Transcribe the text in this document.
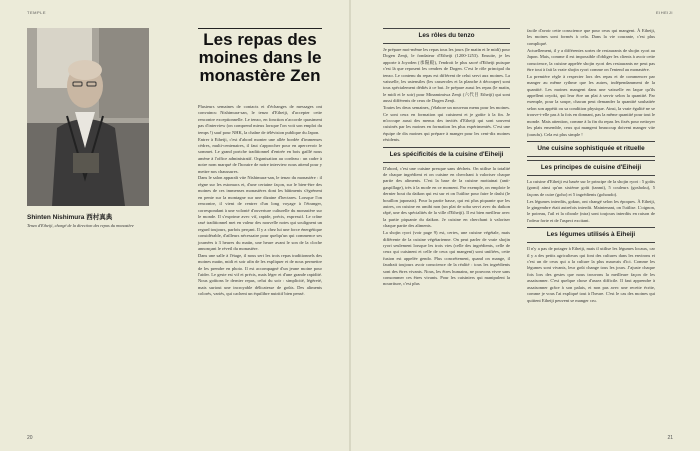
TEMPLE
Shinten Nishimura 西村真典
Tenzo d'Eiheiji, chargé de la direction des repas du monastère
Les repas des moines dans le monastère Zen

Plusieurs semaines de contacts et d'échanges de messages ont convaincu Nishimura-san, le tenzo d'Eiheiji, d'accepter cette rencontre exceptionnelle. Le tenzo, en fonction n'accorde quasiment pas d'interview (on comprend mieux lorsque l'on voit son emploi du temps !) sauf pour NHK, la chaîne de télévision publique du Japon.

Entrer à Eiheiji, c'est d'abord monter une allée bordée d'immenses cèdres, multi-centenaires, il faut s'approcher pour en apercevoir le sommet. Le grand portche traditionnel d'entrée en bois gaillé nous amène à l'office administratif. Organisation au cordeau : un cadre à notre nom marqué de l'horaire de notre interview nous attend pour y mettre nos chaussures.

Dans le salon apparaît vite Nishimura-san, le tenzo du monastère : il règne sur les estomacs et, d'une certaine façon, sur le bien-être des moines de ces immenses monastères dont les bâtiments s'égrènent en pente sur la montagne sur une dizaine d'hectares. Lorsque l'on rencontre, il vient de rentrer d'un long voyage à l'étranger, correspondant à une volonté d'ouverture culturelle du monastère sur le monde. Il s'exprime avec vif, rapide, précis, expressif. Le crâne rasé traditionnel met en valeur des nouvelle notes qui soulignent un regard toujours, parfois perçant. Il y a chez lui une force énergétique considérable, d'ailleurs nécessaire pour quelqu'un qui commence ses journées à 3 heures du matin, une heure avant le son de la cloche annonçant le réveil du monastère.

Dans une salle à l'étage, il nous sert les trois repas traditionnels des moines matin, midi et soir afin de les expliquer et de nous permettre de les prendre en photo. Il est accompagné d'un jeune moine pour l'aider. Le geste est vif et précis, mais léger et d'une grande rapidité. Nous goûtons le dernier repas, celui du soir : simplicité, légèreté, mais surtout une incroyable délicatesse de goûts. Des aliments colorés, variés, qui cachent un équilibre nutritif bien pensé.

20
EIHEIJI
Les rôles du tenzo

Je prépare moi-même les repas tous les jours (le matin et le midi) pour Dogen Zenji, le fondateur d'Eiheiji (1200-1253). Ensuite, je les apporte à Joyoden (承陽殿), l'endroit le plus sacré d'Eiheiji puisque c'est là que reposent les cendres de Dogen. C'est le rôle principal du tenzo. Le contenu du repas est différent de celui servi aux moines. La vaisselle, les ustensiles (les casseroles et la planche à découper) sont tous spécialement dédiés à ce but. Je prépare aussi les repas (le matin, le midi et le soir) pour Minamimiwa Zenji (六代目 Eiheiji) qui sont aussi différents de ceux de Dogen Zenji.

Toutes les deux semaines, j'élabore un nouveau menu pour les moines. Ce sont ceux en formation qui cuisinent et je goûte à la fin. Je m'occupe aussi des menus des invités d'Eiheiji qui sont souvent cuisinés par les moines en formation les plus expérimentés. C'est une équipe de dix moines qui prépare à manger pour les cent-dix moines résidents.

Les spécificités de la cuisine d'Eiheiji

D'abord, c'est une cuisine presque sans déchets. On utilise la totalité de chaque ingrédient et on cuisine en cherchant à valoriser chaque partie des aliments. C'est la base de la cuisine mottainai (anti-gaspillage), très à la mode en ce moment. Par exemple, on emploie le dernier bout du daikon qui est sur et on l'utilise pour faire le dashi (le bouillon japonais). Pour la partie basse, qui est plus piquante que les autres, on cuisine en umibi non (un plat de soba servi avec du daikon râpé, une des spécialités de la ville d'Eiheiji). Il est bien meilleur avec la partie piquante du daikon. Je cuisine en cherchant à valoriser chaque partie des aliments.

La shojin ryori (voir page 9) est, certes, une cuisine végétale, mais différente de la cuisine végétarienne. On peut parler de vraie shojin ryori seulement lorsque les trois vies (celle des ingrédients, celle de ceux qui cuisinent et celle de ceux qui mangent) sont unifiées, cette fusion est appelée gendo. Plus concrètement, quand on mange, il faudrait toujours avoir conscience de la réalité : tous les ingrédients sont des êtres vivants. Nous, les êtres humains, ne pouvons vivre sans consommer ces êtres vivants. Pour les cuisiniers qui manipulent la nourriture, c'est plus

facile d'avoir cette conscience que pour ceux qui mangent. À Eiheiji, les moines sont formés à cela. Dans la vie courante, c'est plus compliqué.

Actuellement, il y a différentes sortes de restaurants de shojin ryori au Japon. Mais, comme il est impossible d'obliger les clients à avoir cette conscience, la cuisine appelée shojin ryori des restaurants ne peut pas être tout à fait la vraie shojin ryori comme on l'entend au monastère.

La première règle à respecter lors des repas et de commencer par manger au même rythme que les autres, indépendamment de la quantité. Les moines mangent dans une vaisselle en laque qu'ils appellent oryoki, qui leur être un plat à servir selon la quantité. Par exemple, pour la soupe, chacun peut demander la quantité souhaitée selon son appétit ou sa condition physique. Ainsi, la vraie égalité ne se trouve-t-elle pas à la fois en donnant, pas la même quantité pour tout le monde. Mais attention, comme à la fin du repas les fixés pour nettoyer les plats ensemble, ceux qui mangent beaucoup doivent manger vite (oarufu). Cela est plus simple !

Une cuisine sophistiquée et rituelle
Les principes de cuisine d'Eiheiji

La cuisine d'Eiheiji est basée sur le principe de la shojin ryori : 5 goûts (gomi) ainsi qu'un sixième goût (tanmi), 5 couleurs (goshoku), 5 façons de cuire (goho) et 5 ingrédients (gohoudo).

Les légumes interdits, gokun, ont changé selon les époques. À Eiheiji, le gingembre était autrefois interdit. Maintenant, on l'utilise. L'oignon, le poireau, l'ail et la ciboule (nira) sont toujours interdits en raison de l'odeur forte et de l'aspect excitant.

Les légumes utilisés à Eiheiji

Il n'y a pas de potager à Eiheiji, mais il utilise les légumes locaux, car il y a des petits agriculteurs qui font des cultures dans les environs et c'est un de ceux qui a la culture la plus mauvais d'ici. Comme les légumes sont vivants, leur goût change tous les jours. J'ajuste chaque fois lors des gestes que nous trouvons la meilleure façon de les assaisonner. C'est quelque chose d'assez difficile. Il faut apprendre à assaisonner grâce à son palais, et non pas avec une recette écrite, comme je vous l'ai expliqué tout à l'heure. C'est le cas des moines qui quittent Eiheiji peuvent se manger cru.

21
